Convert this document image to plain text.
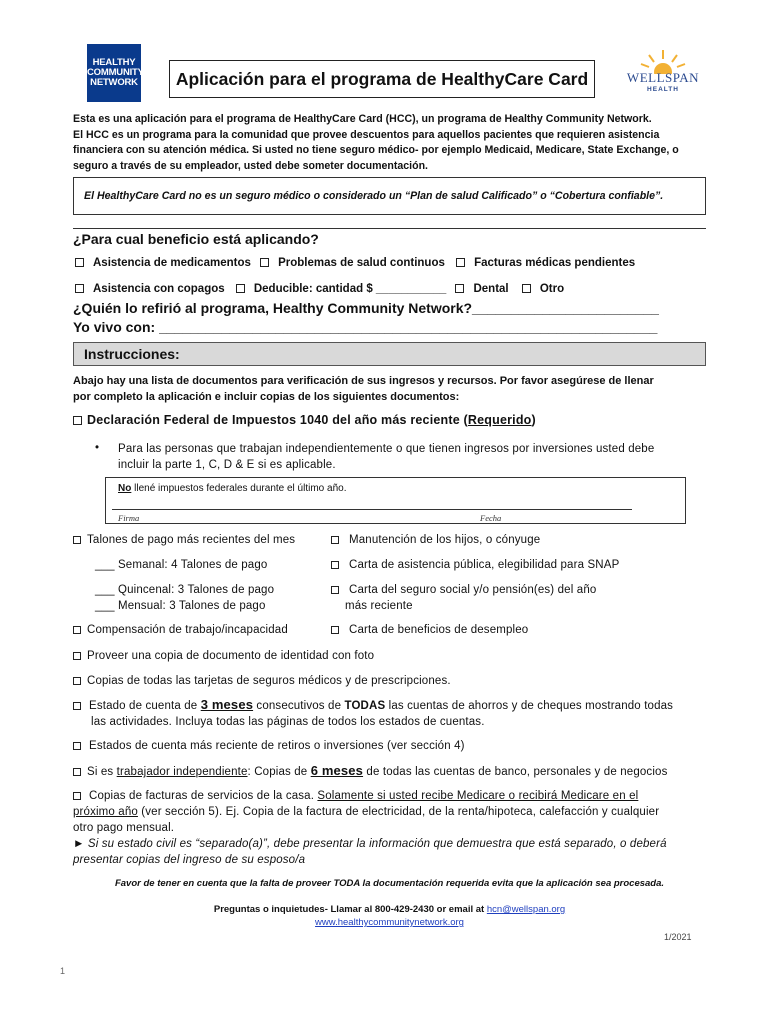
HEALTHY
COMMUNITY
NETWORK	Aplicación para el programa de HealthyCare Card	WELLSPAN
HEALTH
Esta es una aplicación para el programa de HealthyCare Card (HCC), un programa de Healthy Community Network.
El HCC es un programa para la comunidad que provee descuentos para aquellos pacientes que requieren asistencia
financiera con su atención médica. Si usted no tiene seguro médico- por ejemplo Medicaid, Medicare, State Exchange, o
seguro a través de su empleador, usted debe someter documentación.
El HealthyCare Card no es un seguro médico o considerado un “Plan de salud Calificado” o “Cobertura confiable”.
¿Para cual beneficio está aplicando?
Asistencia de medicamentos Problemas de salud continuos	Facturas médicas pendientes
Asistencia con copagos	Deducible: cantidad $ ___________ Dental	Otro
¿Quién lo refirió al programa, Healthy Community Network?________________________
Yo vivo con: ________________________________________________________________
Instrucciones:
Abajo hay una lista de documentos para verificación de sus ingresos y recursos. Por favor asegúrese de llenar
por completo la aplicación e incluir copias de los siguientes documentos:
Declaración Federal de Impuestos 1040 del año más reciente (Requerido)
• Para las personas que trabajan independientemente o que tienen ingresos por inversiones usted debe
incluir la parte 1, C, D & E si es aplicable.
No llené impuestos federales durante el último año.
Firma	Fecha
Talones de pago más recientes del mes
___ Semanal: 4 Talones de pago
___ Quincenal: 3 Talones de pago
___ Mensual: 3 Talones de pago
Compensación de trabajo/incapacidad
Manutención de los hijos, o cónyuge
Carta de asistencia pública, elegibilidad para SNAP
Carta del seguro social y/o pensión(es) del año
más reciente
Carta de beneficios de desempleo
Proveer una copia de documento de identidad con foto
Copias de todas las tarjetas de seguros médicos y de prescripciones.
Estado de cuenta de 3 meses consecutivos de TODAS las cuentas de ahorros y de cheques mostrando todas
las actividades. Incluya todas las páginas de todos los estados de cuentas.
Estados de cuenta más reciente de retiros o inversiones (ver sección 4)
Si es trabajador independiente: Copias de 6 meses de todas las cuentas de banco, personales y de negocios
Copias de facturas de servicios de la casa. Solamente si usted recibe Medicare o recibirá Medicare en el
próximo año (ver sección 5). Ej. Copia de la factura de electricidad, de la renta/hipoteca, calefacción y cualquier
otro pago mensual.
► Si su estado civil es “separado(a)”, debe presentar la información que demuestra que está separado, o deberá
presentar copias del ingreso de su esposo/a
Favor de tener en cuenta que la falta de proveer TODA la documentación requerida evita que la aplicación sea procesada.
Preguntas o inquietudes- Llamar al 800-429-2430 or email at hcn@wellspan.org
www.healthycommunitynetwork.org
1/2021
1
